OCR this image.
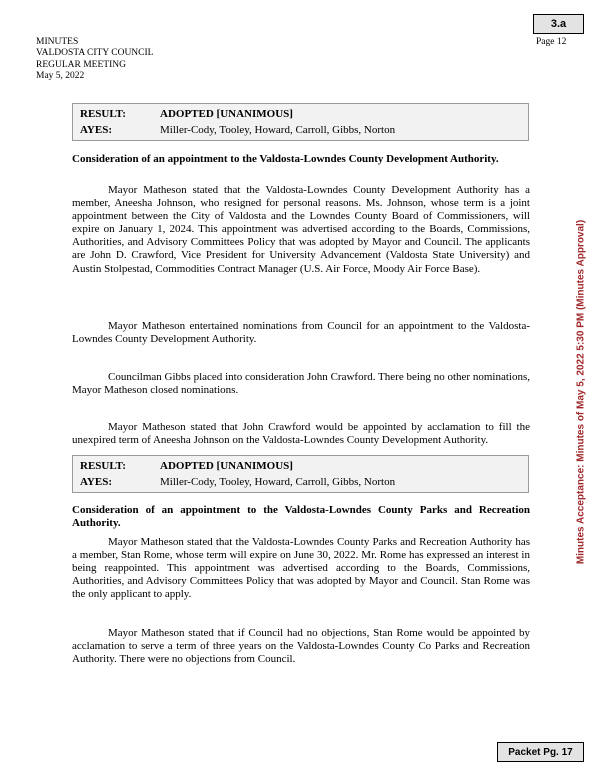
3.a
Page 12
MINUTES
VALDOSTA CITY COUNCIL
REGULAR MEETING
May 5, 2022
RESULT:	ADOPTED [UNANIMOUS]
AYES:	Miller-Cody, Tooley, Howard, Carroll, Gibbs, Norton
Consideration of an appointment to the Valdosta-Lowndes County Development Authority.

Mayor Matheson stated that the Valdosta-Lowndes County Development Authority has a member, Aneesha Johnson, who resigned for personal reasons. Ms. Johnson, whose term is a joint appointment between the City of Valdosta and the Lowndes County Board of Commissioners, will expire on January 1, 2024. This appointment was advertised according to the Boards, Commissions, Authorities, and Advisory Committees Policy that was adopted by Mayor and Council. The applicants are John D. Crawford, Vice President for University Advancement (Valdosta State University) and Austin Stolpestad, Commodities Contract Manager (U.S. Air Force, Moody Air Force Base).

Mayor Matheson entertained nominations from Council for an appointment to the Valdosta-Lowndes County Development Authority.

Councilman Gibbs placed into consideration John Crawford. There being no other nominations, Mayor Matheson closed nominations.

Mayor Matheson stated that John Crawford would be appointed by acclamation to fill the unexpired term of Aneesha Johnson on the Valdosta-Lowndes County Development Authority.

RESULT:	ADOPTED [UNANIMOUS]
AYES:	Miller-Cody, Tooley, Howard, Carroll, Gibbs, Norton
Consideration of an appointment to the Valdosta-Lowndes County Parks and Recreation Authority.

Mayor Matheson stated that the Valdosta-Lowndes County Parks and Recreation Authority has a member, Stan Rome, whose term will expire on June 30, 2022. Mr. Rome has expressed an interest in being reappointed. This appointment was advertised according to the Boards, Commissions, Authorities, and Advisory Committees Policy that was adopted by Mayor and Council. Stan Rome was the only applicant to apply.

Mayor Matheson stated that if Council had no objections, Stan Rome would be appointed by acclamation to serve a term of three years on the Valdosta-Lowndes County Co Parks and Recreation Authority. There were no objections from Council.

Minutes Acceptance: Minutes of May 5, 2022 5:30 PM (Minutes Approval)
Packet Pg. 17
